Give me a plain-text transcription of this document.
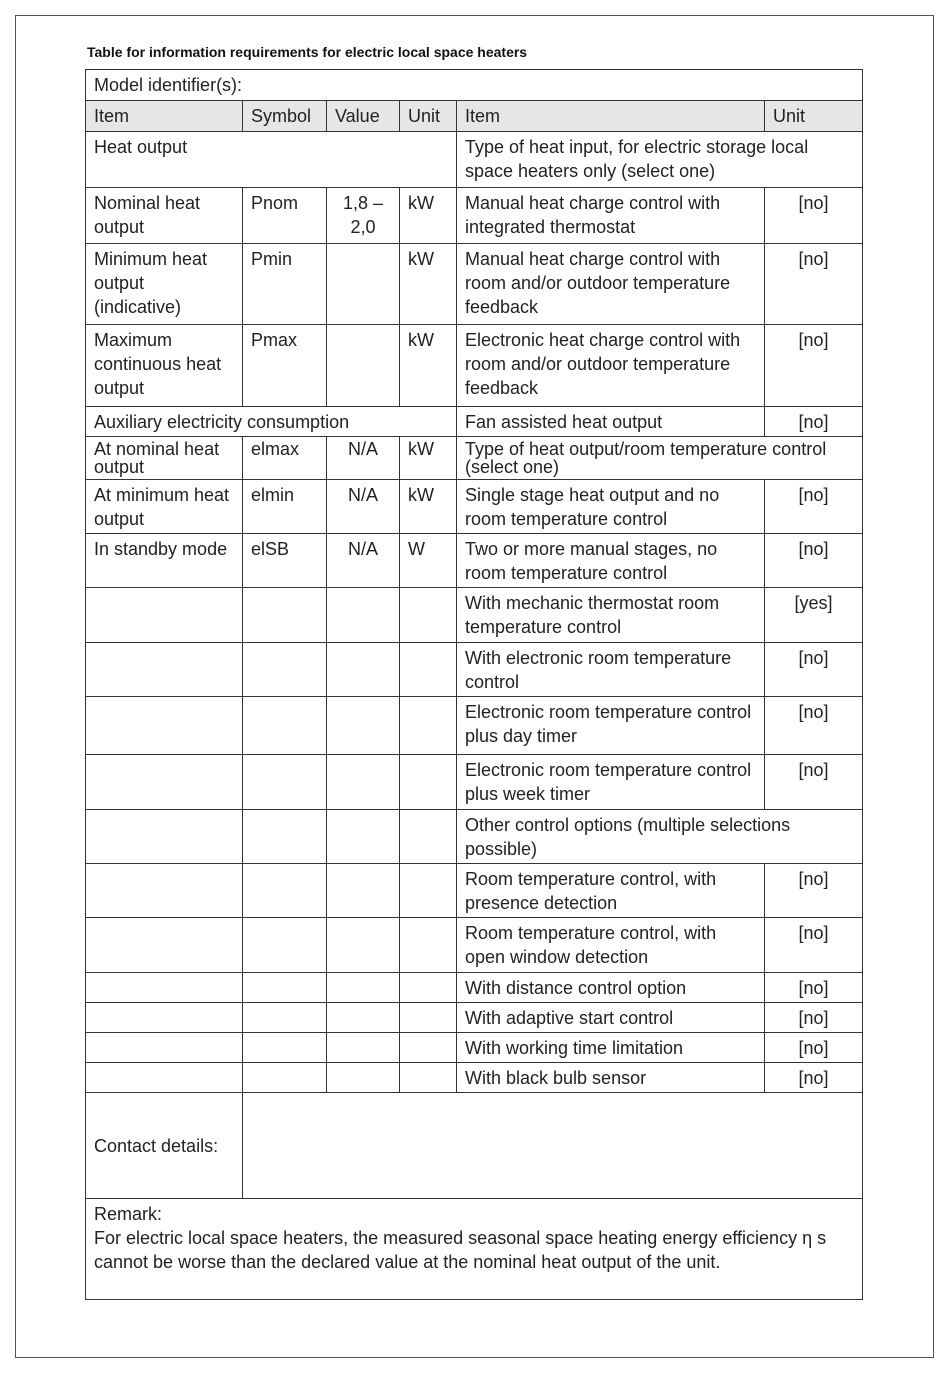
Table for information requirements for electric local space heaters
Model identifier(s):					
Item	Symbol	Value	Unit	Item	Unit
Heat output				Type of heat input, for electric storage local space heaters only (select one)	
Nominal heat output	Pnom	1,8 – 2,0	kW	Manual heat charge control with integrated thermostat	[no]
Minimum heat output (indicative)	Pmin		kW	Manual heat charge control with room and/or outdoor temperature feedback	[no]
Maximum continuous heat output	Pmax		kW	Electronic heat charge control with room and/or outdoor temperature feedback	[no]
Auxiliary electricity consumption				Fan assisted heat output	[no]
At nominal heat output	elmax	N/A	kW	Type of heat output/room temperature control (select one)	
At minimum heat output	elmin	N/A	kW	Single stage heat output and no room temperature control	[no]
In standby mode	elSB	N/A	W	Two or more manual stages, no room temperature control	[no]
				With mechanic thermostat room temperature control	[yes]
				With electronic room temperature control	[no]
				Electronic room temperature control plus day timer	[no]
				Electronic room temperature control plus week timer	[no]
				Other control options (multiple selections possible)	
				Room temperature control, with presence detection	[no]
				Room temperature control, with open window detection	[no]
				With distance control option	[no]
				With adaptive start control	[no]
				With working time limitation	[no]
				With black bulb sensor	[no]
Contact details:					

Remark:
For electric local space heaters, the measured seasonal space heating energy efficiency η s cannot be worse than the declared value at the nominal heat output of the unit.					
